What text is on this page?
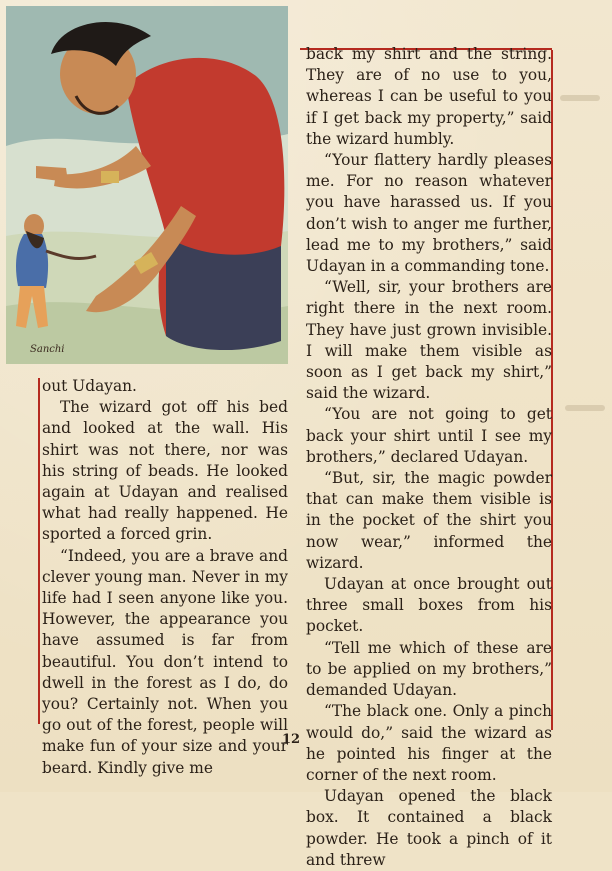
Sanchi

out Udayan.

The wizard got off his bed and looked at the wall. His shirt was not there, nor was his string of beads. He looked again at Udayan and realised what had really happened. He sported a forced grin.

“Indeed, you are a brave and clever young man. Never in my life had I seen anyone like you. However, the appearance you have assumed is far from beautiful. You don’t intend to dwell in the forest as I do, do you? Certainly not. When you go out of the forest, people will make fun of your size and your beard. Kindly give me

back my shirt and the string. They are of no use to you, whereas I can be useful to you if I get back my property,” said the wizard humbly.

“Your flattery hardly pleases me. For no reason whatever you have harassed us. If you don’t wish to anger me further, lead me to my brothers,” said Udayan in a commanding tone.

“Well, sir, your brothers are right there in the next room. They have just grown invisible. I will make them visible as soon as I get back my shirt,” said the wizard.

“You are not going to get back your shirt until I see my brothers,” declared Udayan.

“But, sir, the magic powder that can make them visible is in the pocket of the shirt you now wear,” informed the wizard.

Udayan at once brought out three small boxes from his pocket.

“Tell me which of these are to be applied on my brothers,” demanded Udayan.

“The black one. Only a pinch would do,” said the wizard as he pointed his finger at the corner of the next room.

Udayan opened the black box. It contained a black powder. He took a pinch of it and threw

12
